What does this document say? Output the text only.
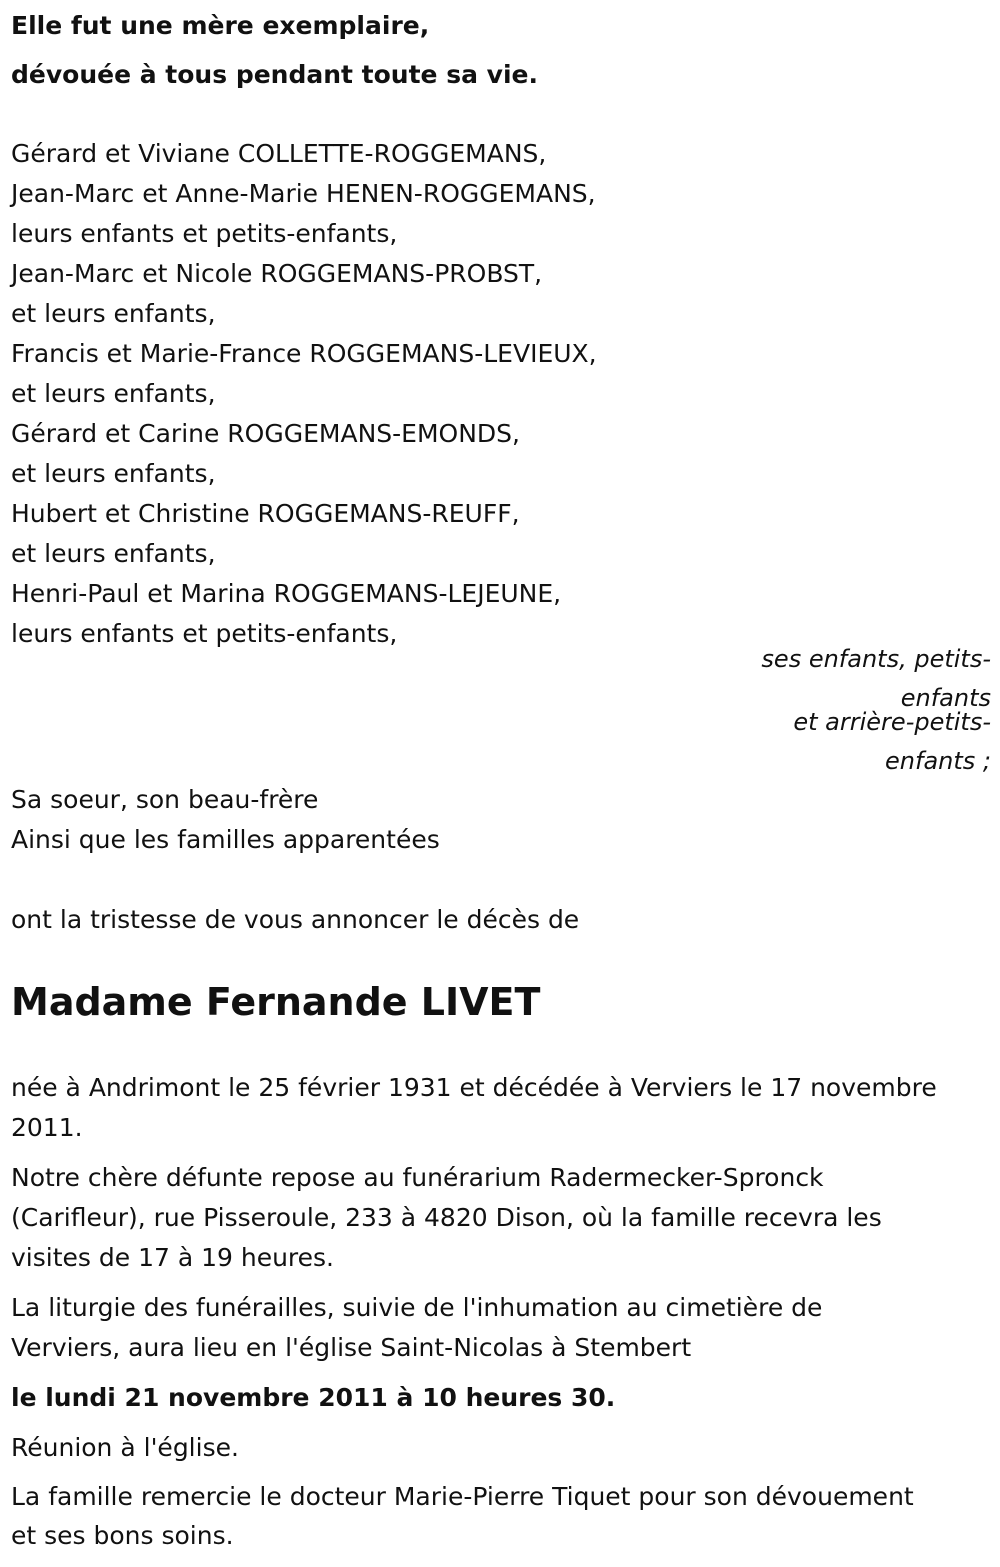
Elle fut une mère exemplaire,
dévouée à tous pendant toute sa vie.
Gérard et Viviane COLLETTE-ROGGEMANS,
Jean-Marc et Anne-Marie HENEN-ROGGEMANS,
leurs enfants et petits-enfants,
Jean-Marc et Nicole ROGGEMANS-PROBST,
et leurs enfants,
Francis et Marie-France ROGGEMANS-LEVIEUX,
et leurs enfants,
Gérard et Carine ROGGEMANS-EMONDS,
et leurs enfants,
Hubert et Christine ROGGEMANS-REUFF,
et leurs enfants,
Henri-Paul et Marina ROGGEMANS-LEJEUNE,
leurs enfants et petits-enfants,
ses enfants, petits-
enfants
et arrière-petits-
enfants ;
Sa soeur, son beau-frère
Ainsi que les familles apparentées
ont la tristesse de vous annoncer le décès de
Madame Fernande LIVET
née à Andrimont le 25 février 1931 et décédée à Verviers le 17 novembre
2011.
Notre chère défunte repose au funérarium Radermecker-Spronck
(Carifleur), rue Pisseroule, 233 à 4820 Dison, où la famille recevra les
visites de 17 à 19 heures.
La liturgie des funérailles, suivie de l'inhumation au cimetière de
Verviers, aura lieu en l'église Saint-Nicolas à Stembert
le lundi 21 novembre 2011 à 10 heures 30.
Réunion à l'église.
La famille remercie le docteur Marie-Pierre Tiquet pour son dévouement
et ses bons soins.
